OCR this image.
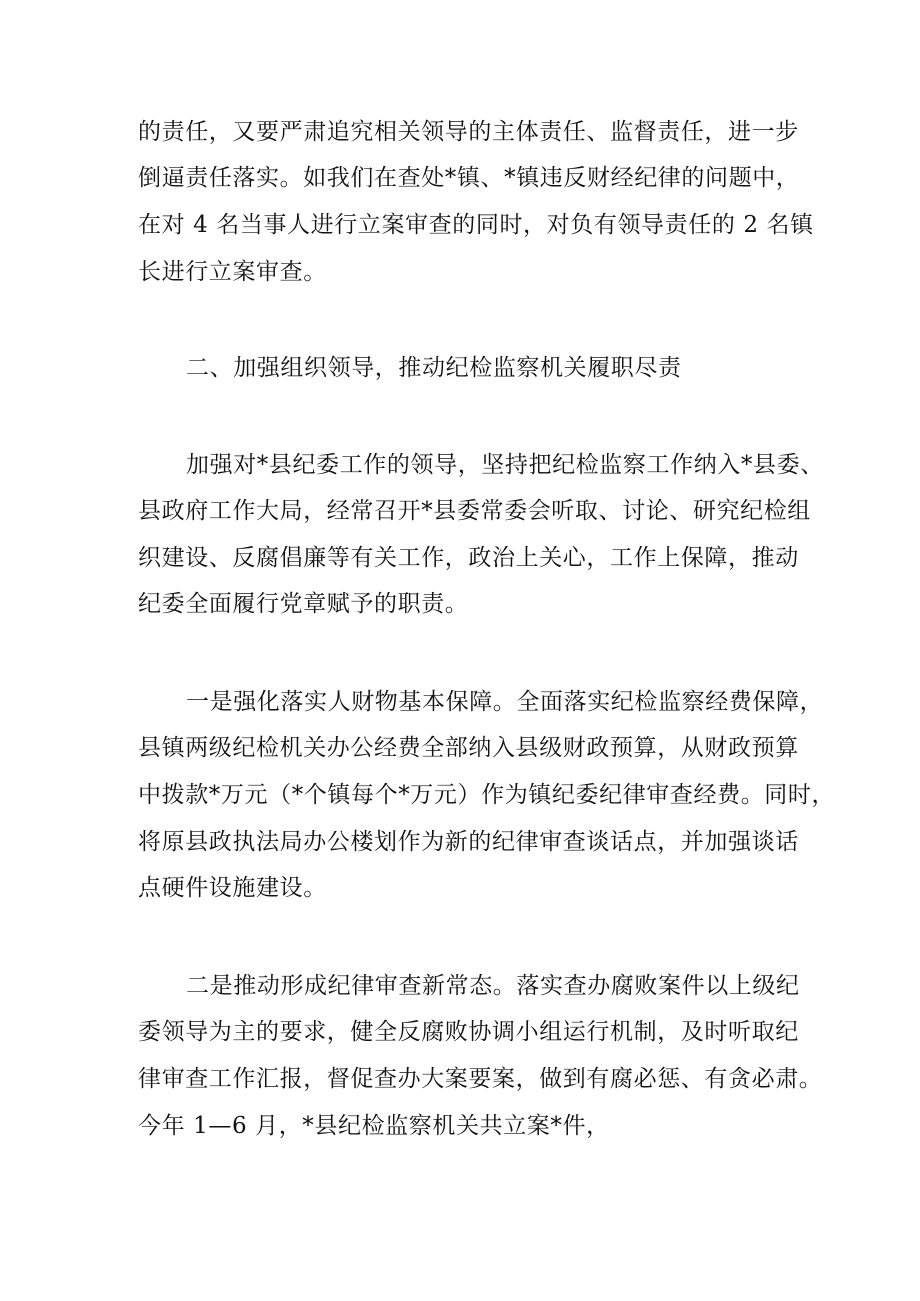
的责任，又要严肃追究相关领导的主体责任、监督责任，进一步
倒逼责任落实。如我们在查处*镇、*镇违反财经纪律的问题中，
在对 4 名当事人进行立案审查的同时，对负有领导责任的 2 名镇
长进行立案审查。
二、加强组织领导，推动纪检监察机关履职尽责
加强对*县纪委工作的领导，坚持把纪检监察工作纳入*县委、
县政府工作大局，经常召开*县委常委会听取、讨论、研究纪检组
织建设、反腐倡廉等有关工作，政治上关心，工作上保障，推动
纪委全面履行党章赋予的职责。
一是强化落实人财物基本保障。全面落实纪检监察经费保障，
县镇两级纪检机关办公经费全部纳入县级财政预算，从财政预算
中拨款*万元（*个镇每个*万元）作为镇纪委纪律审查经费。同时，
将原县政执法局办公楼划作为新的纪律审查谈话点，并加强谈话
点硬件设施建设。
二是推动形成纪律审查新常态。落实查办腐败案件以上级纪
委领导为主的要求，健全反腐败协调小组运行机制，及时听取纪
律审查工作汇报，督促查办大案要案，做到有腐必惩、有贪必肃。
今年 1—6 月，*县纪检监察机关共立案*件，
